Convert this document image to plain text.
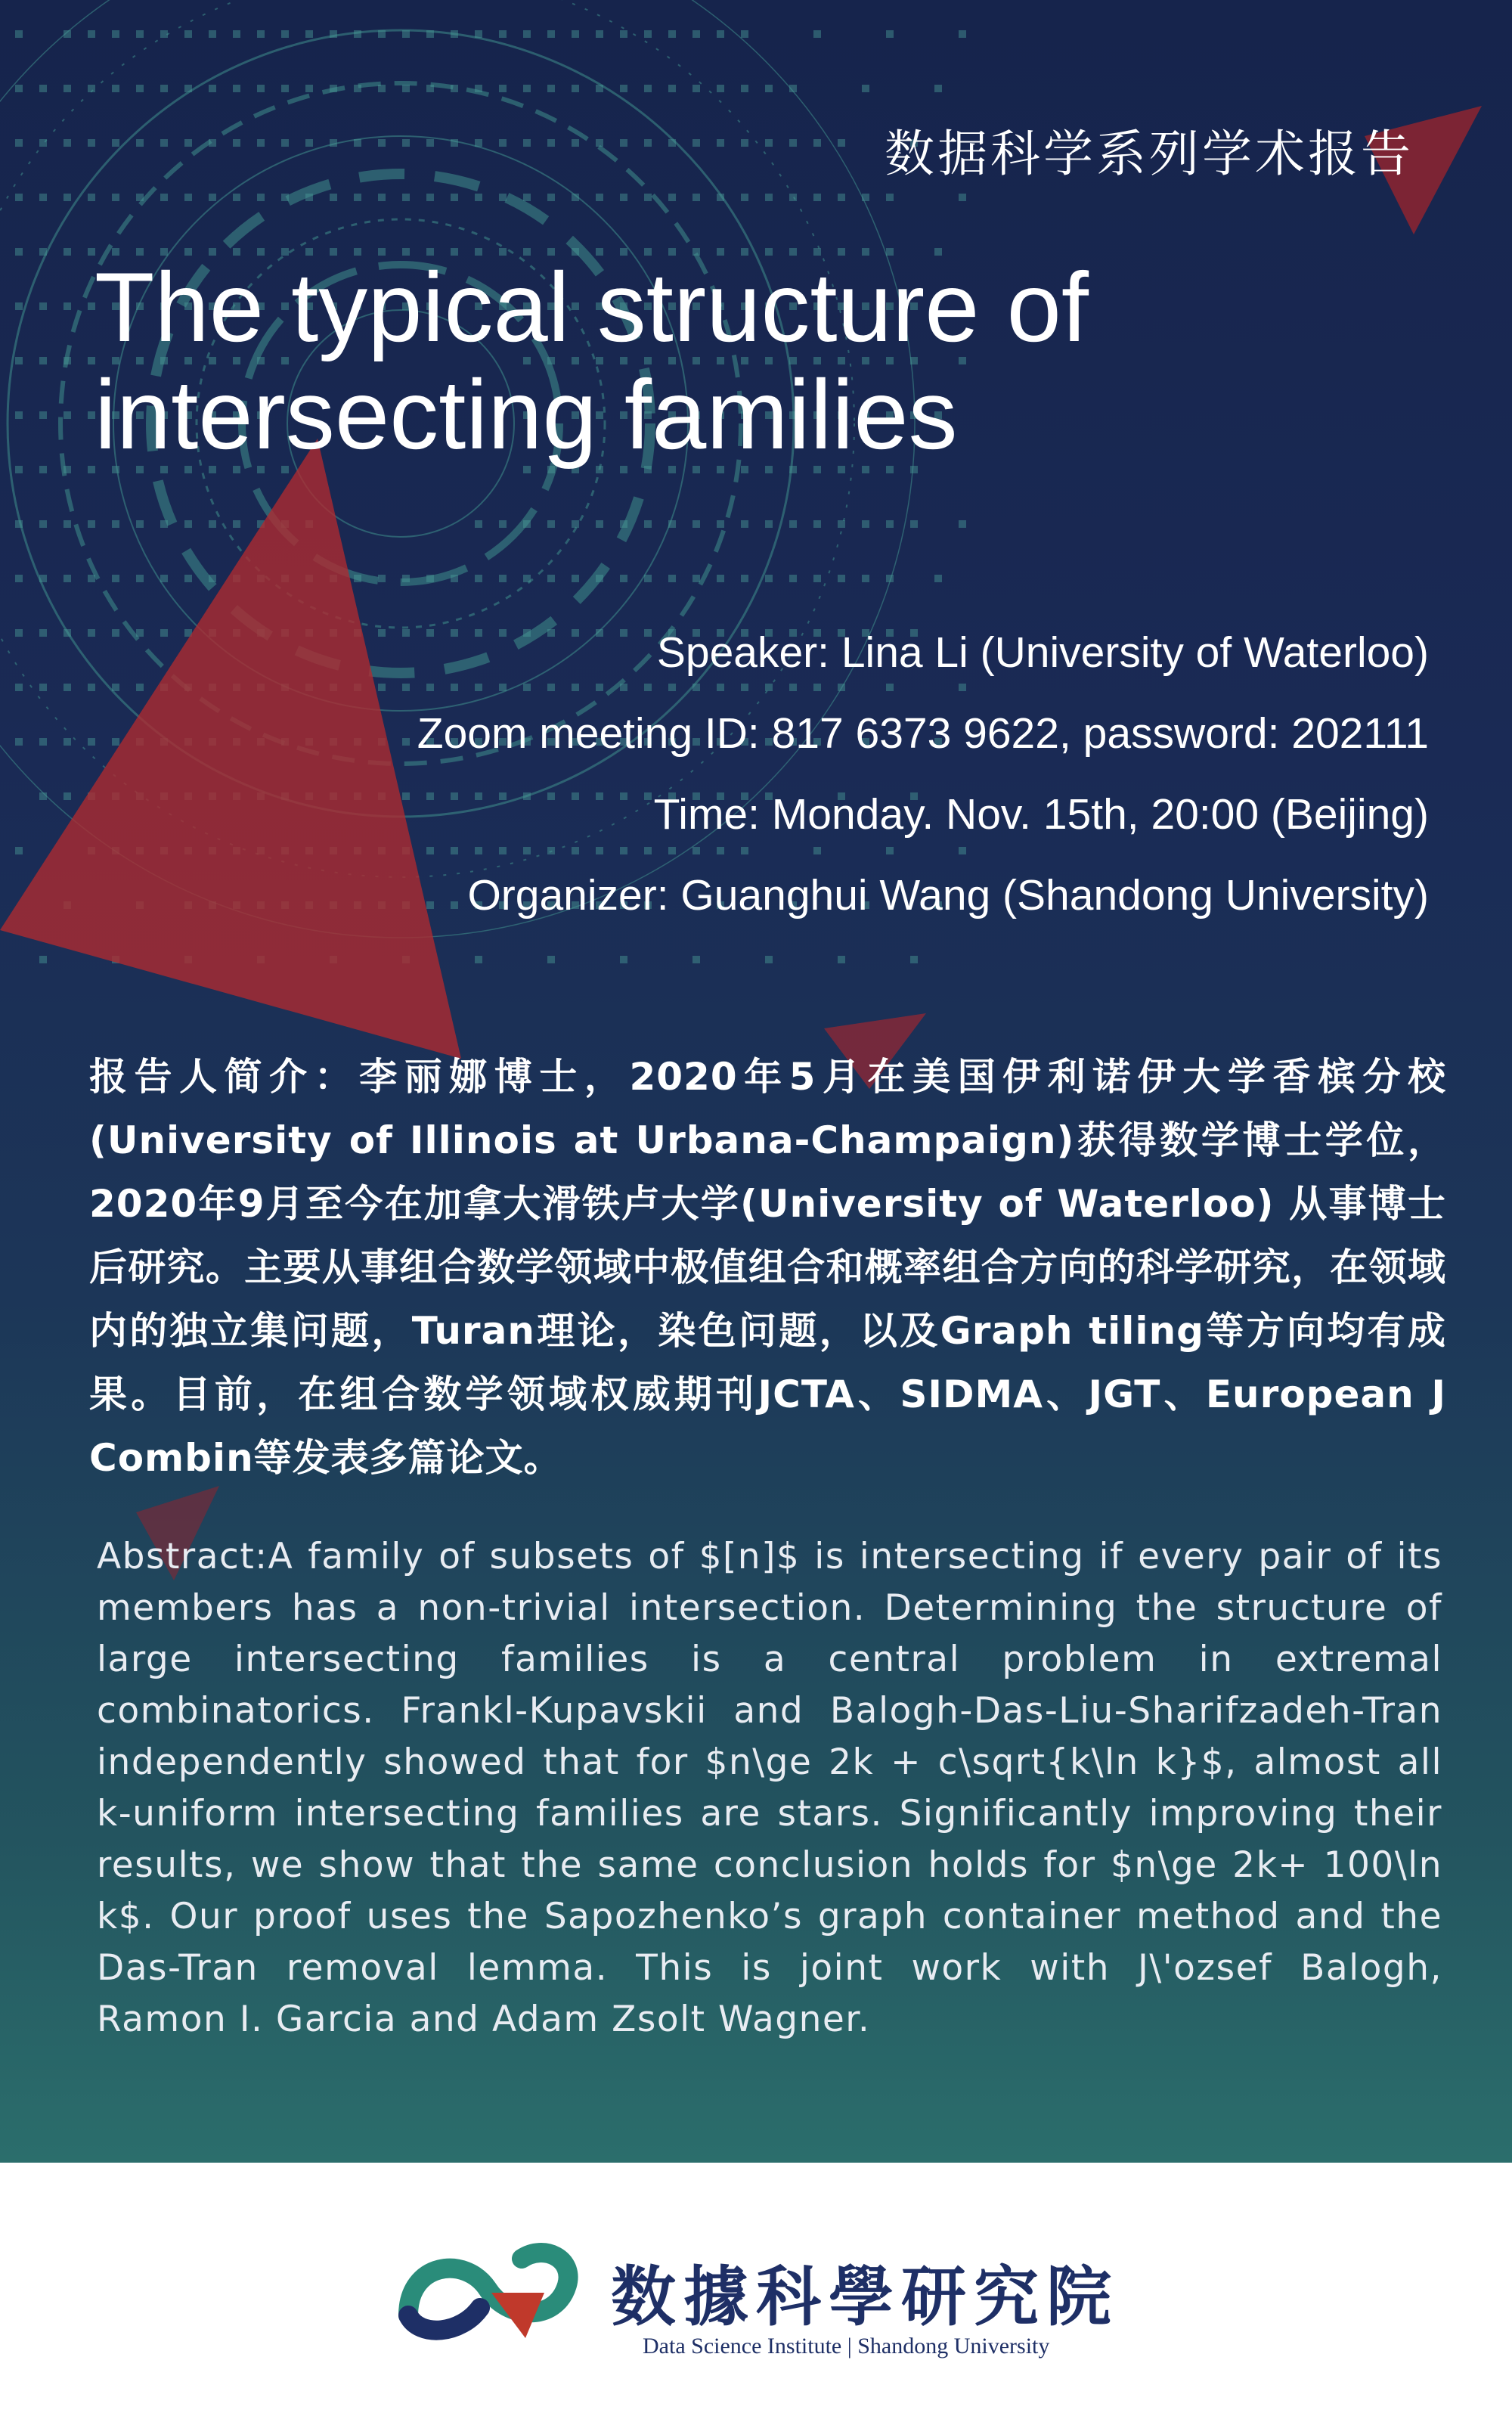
数据科学系列学术报告
The typical structure of intersecting families
Speaker: Lina Li (University of Waterloo)
Zoom meeting ID: 817 6373 9622, password: 202111
Time: Monday. Nov. 15th, 20:00 (Beijing)
Organizer: Guanghui Wang (Shandong University)

报告人简介：李丽娜博士，2020年5月在美国伊利诺伊大学香槟分校(University of Illinois at Urbana-Champaign)获得数学博士学位，2020年9月至今在加拿大滑铁卢大学(University of Waterloo) 从事博士后研究。主要从事组合数学领域中极值组合和概率组合方向的科学研究，在领域内的独立集问题，Turan理论，染色问题，以及Graph tiling等方向均有成果。目前，在组合数学领域权威期刊JCTA、SIDMA、JGT、European J Combin等发表多篇论文。

Abstract:A family of subsets of $[n]$ is intersecting if every pair of its members has a non-trivial intersection. Determining the structure of large intersecting families is a central problem in extremal combinatorics. Frankl-Kupavskii and Balogh-Das-Liu-Sharifzadeh-Tran independently showed that for $n\ge 2k + c\sqrt{k\ln k}$, almost all k-uniform intersecting families are stars. Significantly improving their results, we show that the same conclusion holds for $n\ge 2k+ 100\ln k$. Our proof uses the Sapozhenko’s graph container method and the Das-Tran removal lemma. This is joint work with J\'ozsef Balogh, Ramon I. Garcia and Adam Zsolt Wagner.

数據科學研究院
Data Science Institute | Shandong University
